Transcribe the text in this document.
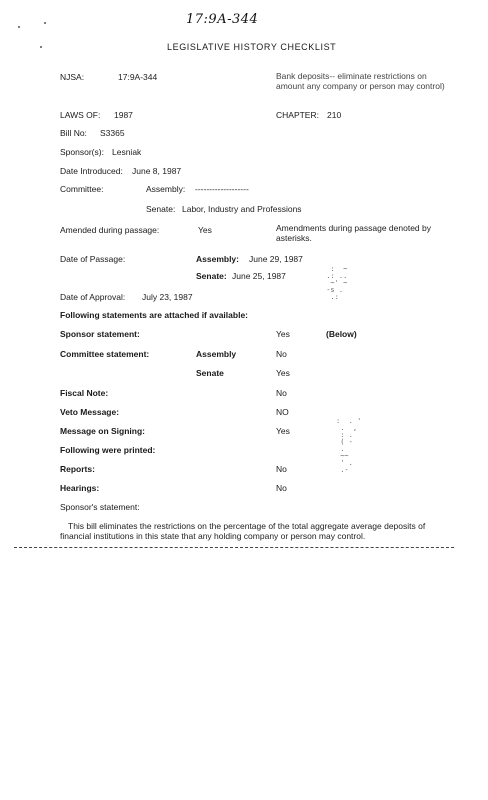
17:9A-344
LEGISLATIVE HISTORY CHECKLIST
NJSA:	17:9A-344	Bank deposits-- eliminate restrictions on amount any company or person may control)
LAWS OF: 1987	CHAPTER: 210
Bill No: S3365
Sponsor(s): Lesniak
Date Introduced: June 8, 1987
Committee:	Assembly: -------------------
Senate: Labor, Industry and Professions
Amended during passage:	Yes	Amendments during passage denoted by asterisks.
Date of Passage:	Assembly: June 29, 1987
Senate: June 25, 1987
:  ~
.: ..
~' ~
-s .
.:
Date of Approval: July 23, 1987
Following statements are attached if available:
Sponsor statement:	Yes	(Below)
Committee statement:	Assembly	No
Senate	Yes
Fiscal Note:	No
Veto Message:	NO
Message on Signing:	Yes
:  . '
.  ,
: .
( -
.
~~
' .
.-
Following were printed:
Reports:	No
Hearings:	No
Sponsor's statement:
This bill eliminates the restrictions on the percentage of the total aggregate average deposits of financial institutions in this state that any holding company or person may control.
